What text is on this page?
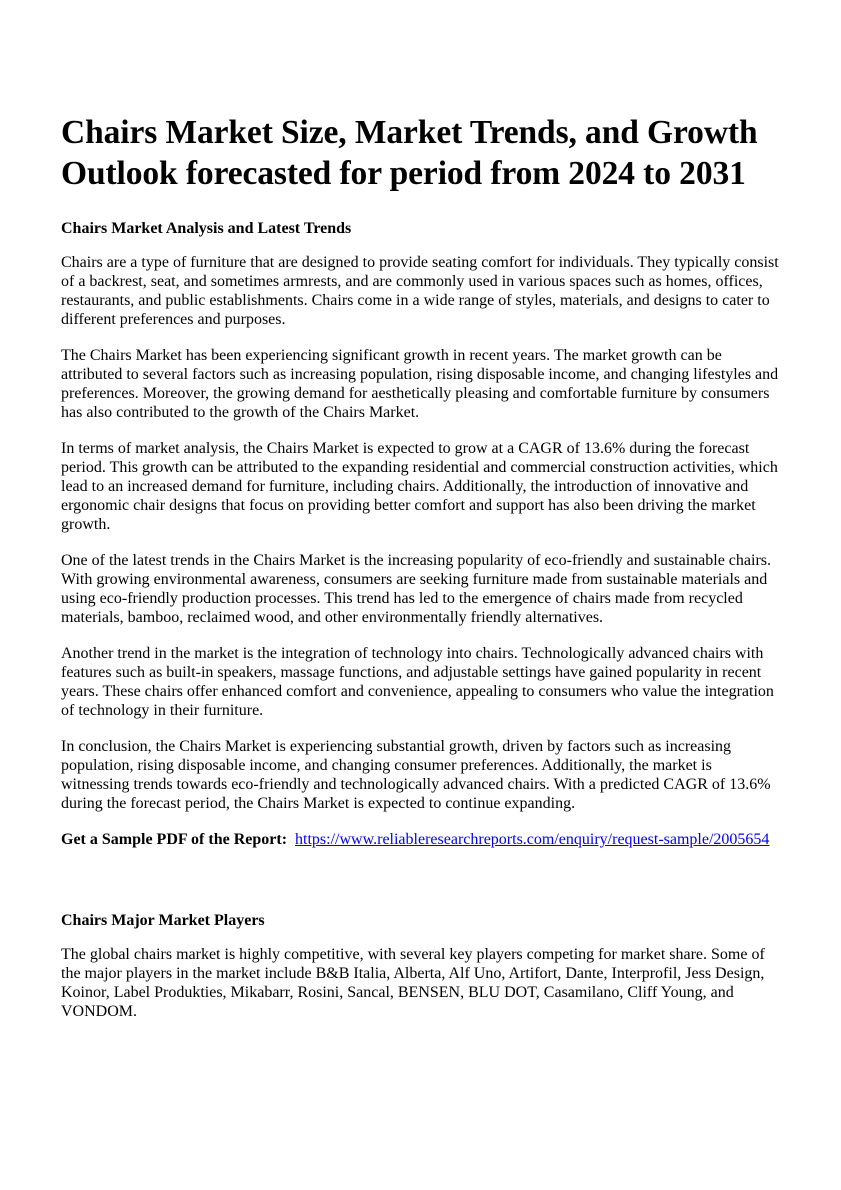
Chairs Market Size, Market Trends, and Growth Outlook forecasted for period from 2024 to 2031
Chairs Market Analysis and Latest Trends

Chairs are a type of furniture that are designed to provide seating comfort for individuals. They typically consist of a backrest, seat, and sometimes armrests, and are commonly used in various spaces such as homes, offices, restaurants, and public establishments. Chairs come in a wide range of styles, materials, and designs to cater to different preferences and purposes.

The Chairs Market has been experiencing significant growth in recent years. The market growth can be attributed to several factors such as increasing population, rising disposable income, and changing lifestyles and preferences. Moreover, the growing demand for aesthetically pleasing and comfortable furniture by consumers has also contributed to the growth of the Chairs Market.

In terms of market analysis, the Chairs Market is expected to grow at a CAGR of 13.6% during the forecast period. This growth can be attributed to the expanding residential and commercial construction activities, which lead to an increased demand for furniture, including chairs. Additionally, the introduction of innovative and ergonomic chair designs that focus on providing better comfort and support has also been driving the market growth.

One of the latest trends in the Chairs Market is the increasing popularity of eco-friendly and sustainable chairs. With growing environmental awareness, consumers are seeking furniture made from sustainable materials and using eco-friendly production processes. This trend has led to the emergence of chairs made from recycled materials, bamboo, reclaimed wood, and other environmentally friendly alternatives.

Another trend in the market is the integration of technology into chairs. Technologically advanced chairs with features such as built-in speakers, massage functions, and adjustable settings have gained popularity in recent years. These chairs offer enhanced comfort and convenience, appealing to consumers who value the integration of technology in their furniture.

In conclusion, the Chairs Market is experiencing substantial growth, driven by factors such as increasing population, rising disposable income, and changing consumer preferences. Additionally, the market is witnessing trends towards eco-friendly and technologically advanced chairs. With a predicted CAGR of 13.6% during the forecast period, the Chairs Market is expected to continue expanding.

Get a Sample PDF of the Report: https://www.reliableresearchreports.com/enquiry/request-sample/2005654
Chairs Major Market Players

The global chairs market is highly competitive, with several key players competing for market share. Some of the major players in the market include B&B Italia, Alberta, Alf Uno, Artifort, Dante, Interprofil, Jess Design, Koinor, Label Produkties, Mikabarr, Rosini, Sancal, BENSEN, BLU DOT, Casamilano, Cliff Young, and VONDOM.
